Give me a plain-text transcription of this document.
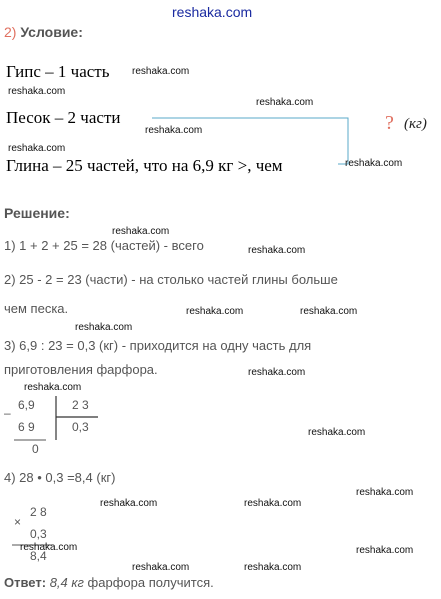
reshaka.com
2) Условие:
Гипс – 1 часть
Песок – 2 части
Глина – 25 частей, что на 6,9 кг >, чем
? (кг)
Решение:
1) 1 + 2 + 25 = 28 (частей) - всего
2) 25 - 2 = 23 (части) - на столько частей глины больше
чем песка.
3) 6,9 : 23 = 0,3 (кг) - приходится на одну часть для
приготовления фарфора.
–
6,9	2 3
6 9	0,3
0
4) 28 • 0,3 =8,4 (кг)
×
2 8
0,3
8,4
Ответ: 8,4 кг фарфора получится.
reshaka.com
reshaka.com
reshaka.com
reshaka.com
reshaka.com
reshaka.com
reshaka.com
reshaka.com
reshaka.com	reshaka.com
reshaka.com
reshaka.com
reshaka.com
reshaka.com
reshaka.com
reshaka.com	reshaka.com
reshaka.com	reshaka.com
reshaka.com	reshaka.com
